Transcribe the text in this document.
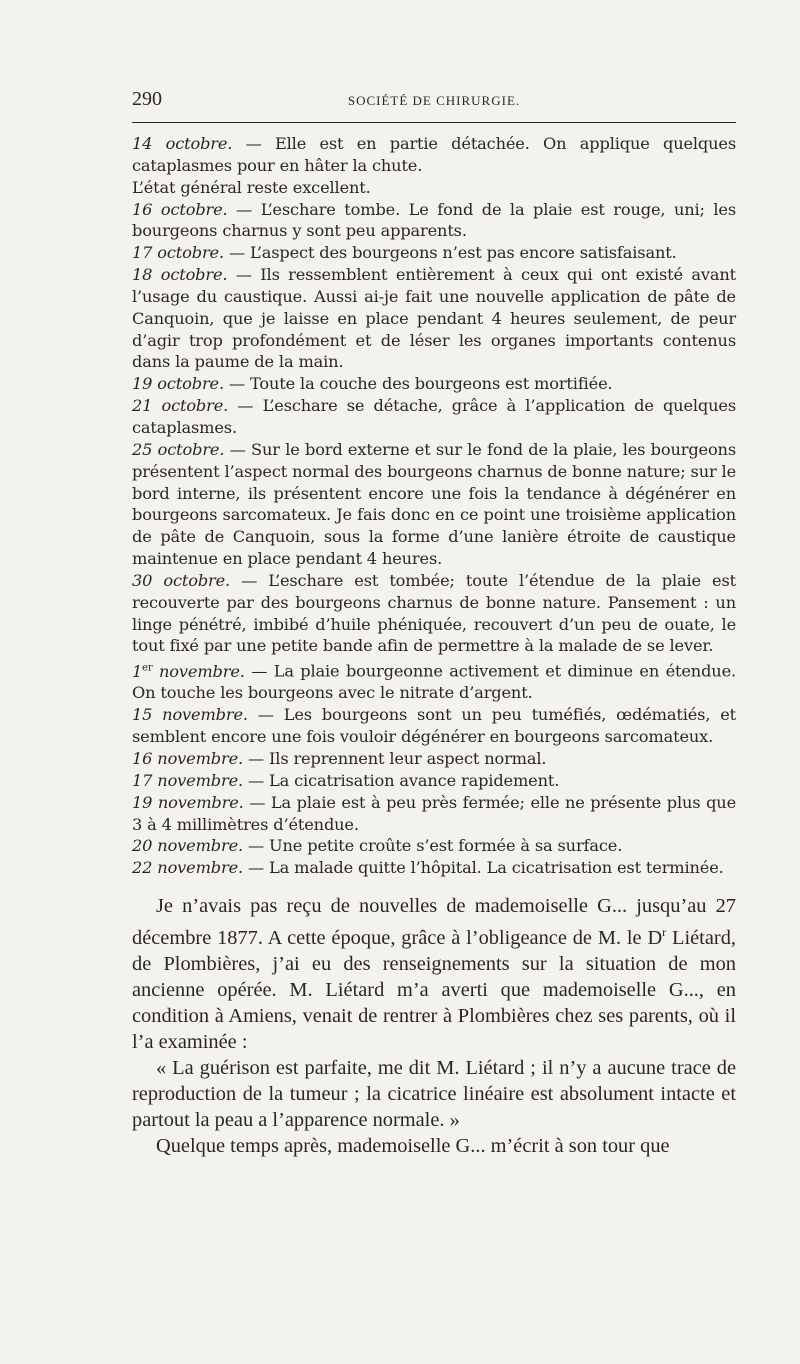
290	SOCIÉTÉ DE CHIRURGIE.

14 octobre. — Elle est en partie détachée. On applique quelques cataplasmes pour en hâter la chute.

L’état général reste excellent.

16 octobre. — L’eschare tombe. Le fond de la plaie est rouge, uni; les bourgeons charnus y sont peu apparents.

17 octobre. — L’aspect des bourgeons n’est pas encore satisfaisant.

18 octobre. — Ils ressemblent entièrement à ceux qui ont existé avant l’usage du caustique. Aussi ai-je fait une nouvelle application de pâte de Canquoin, que je laisse en place pendant 4 heures seulement, de peur d’agir trop profondément et de léser les organes importants contenus dans la paume de la main.

19 octobre. — Toute la couche des bourgeons est mortifiée.

21 octobre. — L’eschare se détache, grâce à l’application de quelques cataplasmes.

25 octobre. — Sur le bord externe et sur le fond de la plaie, les bourgeons présentent l’aspect normal des bourgeons charnus de bonne nature; sur le bord interne, ils présentent encore une fois la tendance à dégénérer en bourgeons sarcomateux. Je fais donc en ce point une troisième application de pâte de Canquoin, sous la forme d’une lanière étroite de caustique maintenue en place pendant 4 heures.

30 octobre. — L’eschare est tombée; toute l’étendue de la plaie est recouverte par des bourgeons charnus de bonne nature. Pansement : un linge pénétré, imbibé d’huile phéniquée, recouvert d’un peu de ouate, le tout fixé par une petite bande afin de permettre à la malade de se lever.

1er novembre. — La plaie bourgeonne activement et diminue en étendue. On touche les bourgeons avec le nitrate d’argent.

15 novembre. — Les bourgeons sont un peu tuméfiés, œdématiés, et semblent encore une fois vouloir dégénérer en bourgeons sarcomateux.

16 novembre. — Ils reprennent leur aspect normal.

17 novembre. — La cicatrisation avance rapidement.

19 novembre. — La plaie est à peu près fermée; elle ne présente plus que 3 à 4 millimètres d’étendue.

20 novembre. — Une petite croûte s’est formée à sa surface.

22 novembre. — La malade quitte l’hôpital. La cicatrisation est terminée.

Je n’avais pas reçu de nouvelles de mademoiselle G... jusqu’au 27 décembre 1877. A cette époque, grâce à l’obligeance de M. le $D^r$ Liétard, de Plombières, j’ai eu des renseignements sur la situation de mon ancienne opérée. M. Liétard m’a averti que mademoiselle G..., en condition à Amiens, venait de rentrer à Plombières chez ses parents, où il l’a examinée :

« La guérison est parfaite, me dit M. Liétard ; il n’y a aucune trace de reproduction de la tumeur ; la cicatrice linéaire est absolument intacte et partout la peau a l’apparence normale. »

Quelque temps après, mademoiselle G... m’écrit à son tour que
